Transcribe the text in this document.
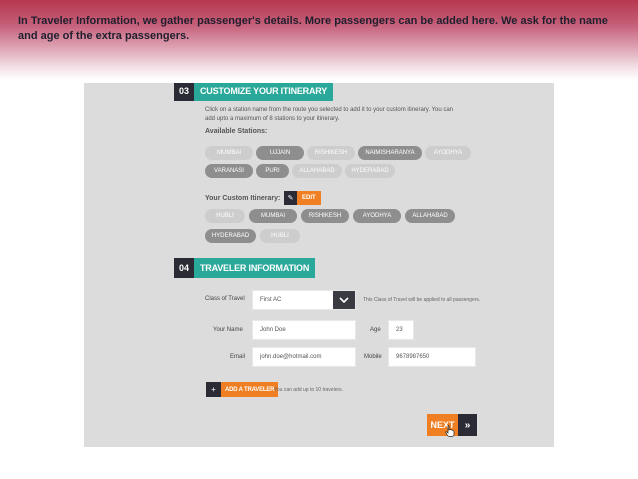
In Traveler Information, we gather passenger's details. More passengers can be added here. We ask for the name and age of the extra passengers.
03	CUSTOMIZE YOUR ITINERARY
Click on a station name from the route you selected to add it to your custom itinerary. You can
add upto a maximum of 8 stations to your itinerary.
Available Stations:
MUMBAI	UJJAIN	RISHIKESH	NAIMISHARANYA	AYODHYA
VARANASI	PURI	ALLAHABAD	HYDERABAD
Your Custom Itinerary:	✎	EDIT
HUBLI	MUMBAI	RISHIKESH	AYODHYA	ALLAHABAD
HYDERABAD	HUBLI
04	TRAVELER INFORMATION
Class of Travel	First AC	This Class of Travel will be applied to all passengers.
Your Name	John Doe	Age	23
Email john.doe@hotmail.com	Mobile 9678987650
+	ADD A TRAVELER You can add up to 10 travelers.
NEXT	»
